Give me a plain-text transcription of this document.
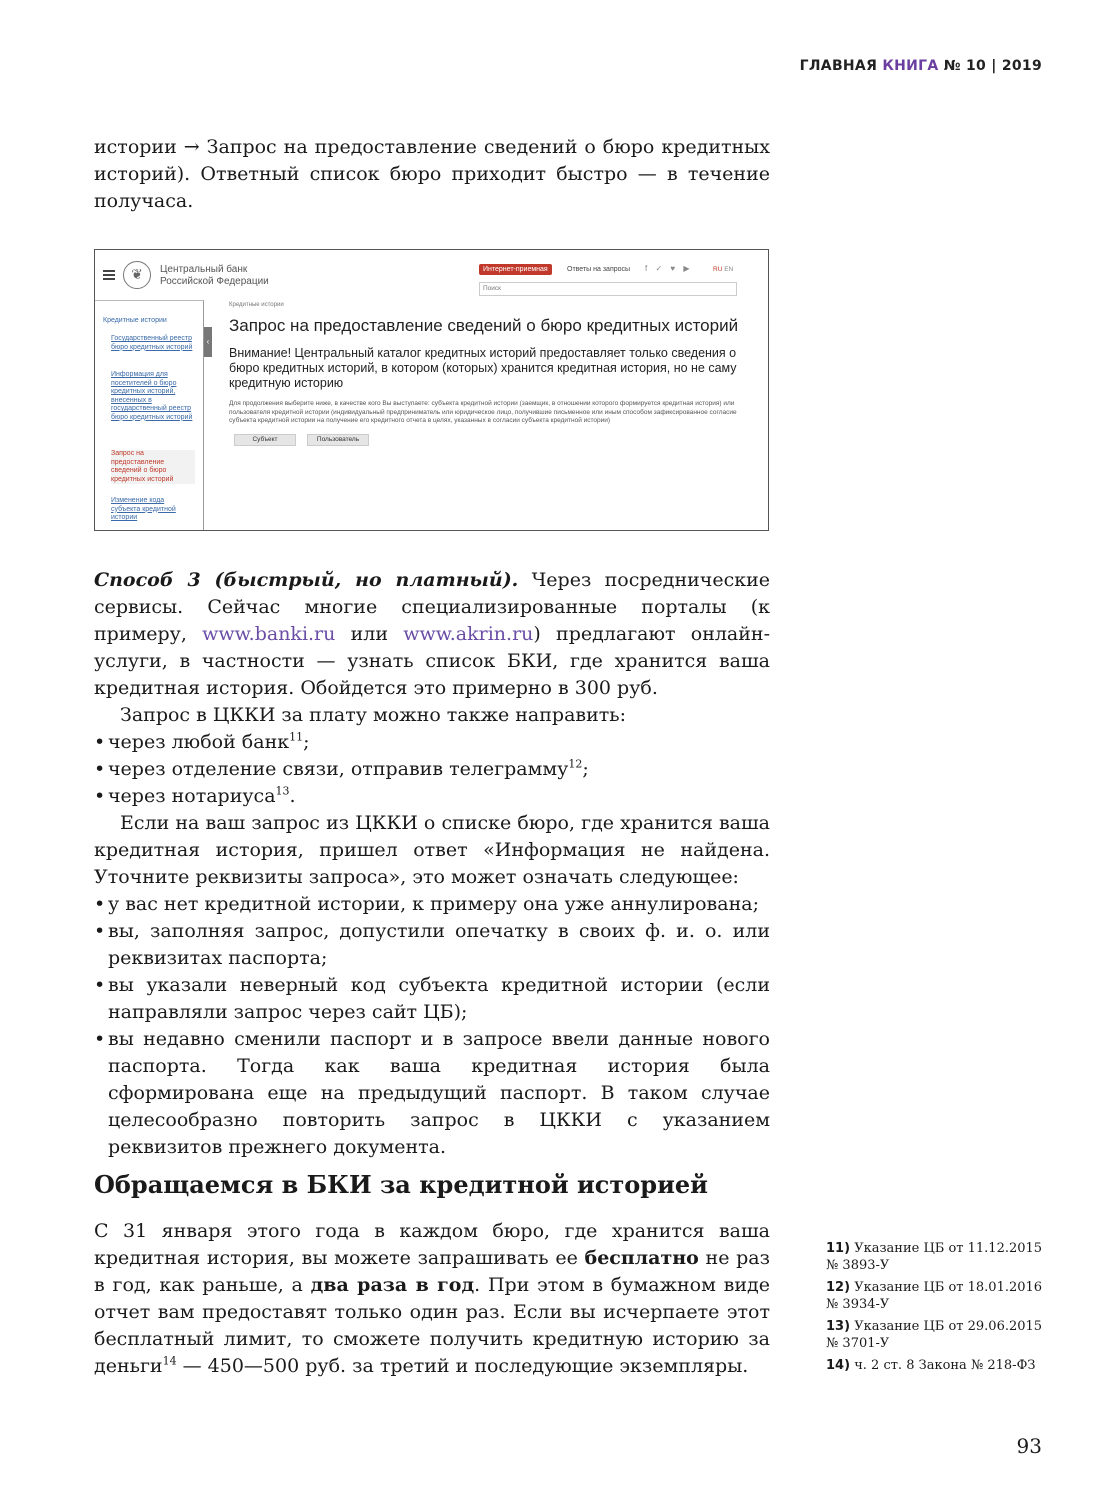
ГЛАВНАЯ КНИГА № 10 | 2019

истории → Запрос на предоставление сведений о бюро кредитных историй). Ответный список бюро приходит быстро — в течение получаса.

❦	Центральный банк
Российской Федерации
Интернет-приемная	Ответы на запросы f ✓ ♥ ▶	RU EN
Поиск
‹
Кредитные истории
Государственный реестр бюро кредитных историй
Информация для посетителей о бюро кредитных историй, внесенных в государственный реестр бюро кредитных историй
Запрос на предоставление сведений о бюро кредитных историй
Изменение кода субъекта кредитной истории
Кредитные истории
Запрос на предоставление сведений о бюро кредитных историй
Внимание! Центральный каталог кредитных историй предоставляет только сведения о бюро кредитных историй, в котором (которых) хранится кредитная история, но не саму кредитную историю
Для продолжения выберите ниже, в качестве кого Вы выступаете: субъекта кредитной истории (заемщик, в отношении которого формируется кредитная история) или пользователя кредитной истории (индивидуальный предприниматель или юридическое лицо, получившие письменное или иным способом зафиксированное согласие субъекта кредитной истории на получение его кредитного отчета в целях, указанных в согласии субъекта кредитной истории)
Субъект	Пользователь

Способ 3 (быстрый, но платный). Через посреднические сервисы. Сейчас многие специализированные порталы (к примеру, www.banki.ru или www.akrin.ru) предлагают онлайн-услуги, в частности — узнать список БКИ, где хранится ваша кредитная история. Обойдется это примерно в 300 руб.

Запрос в ЦККИ за плату можно также направить:

• через любой банк$^{11}$;
• через отделение связи, отправив телеграмму$^{12}$;
• через нотариуса$^{13}$.

Если на ваш запрос из ЦККИ о списке бюро, где хранится ваша кредитная история, пришел ответ «Информация не найдена. Уточните реквизиты запроса», это может означать следующее:

• у вас нет кредитной истории, к примеру она уже аннулирована;
• вы, заполняя запрос, допустили опечатку в своих ф. и. о. или реквизитах паспорта;
• вы указали неверный код субъекта кредитной истории (если направляли запрос через сайт ЦБ);
• вы недавно сменили паспорт и в запросе ввели данные нового паспорта. Тогда как ваша кредитная история была сформирована еще на предыдущий паспорт. В таком случае целесообразно повторить запрос в ЦККИ с указанием реквизитов прежнего документа.
Обращаемся в БКИ за кредитной историей

С 31 января этого года в каждом бюро, где хранится ваша кредитная история, вы можете запрашивать ее бесплатно не раз в год, как раньше, а два раза в год. При этом в бумажном виде отчет вам предоставят только один раз. Если вы исчерпаете этот бесплатный лимит, то сможете получить кредитную историю за деньги$^{14}$ — 450—500 руб. за третий и последующие экземпляры.

11) Указание ЦБ от 11.12.2015 № 3893-У
12) Указание ЦБ от 18.01.2016 № 3934-У
13) Указание ЦБ от 29.06.2015 № 3701-У
14) ч. 2 ст. 8 Закона № 218-ФЗ
93
